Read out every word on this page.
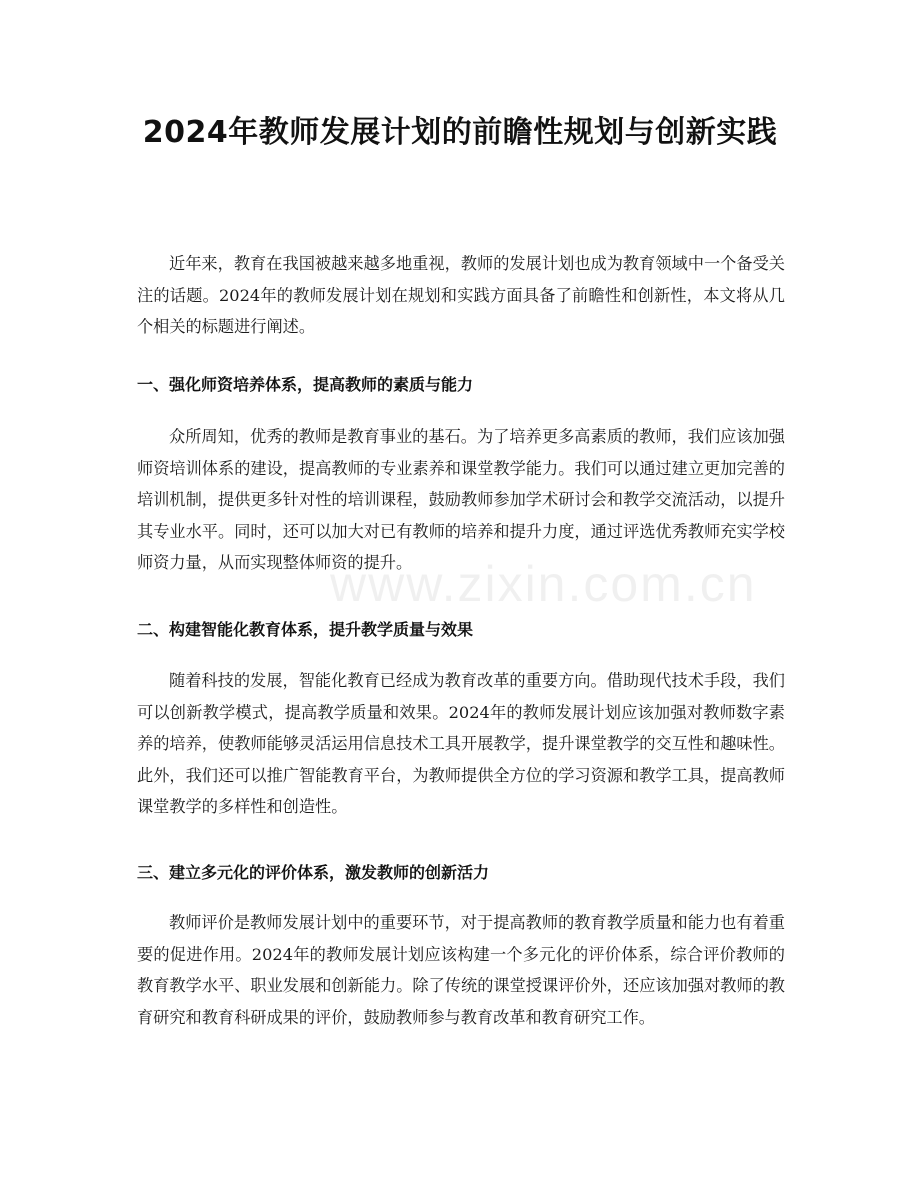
2024年教师发展计划的前瞻性规划与创新实践

近年来，教育在我国被越来越多地重视，教师的发展计划也成为教育领域中一个备受关注的话题。2024年的教师发展计划在规划和实践方面具备了前瞻性和创新性，本文将从几个相关的标题进行阐述。

一、强化师资培养体系，提高教师的素质与能力

众所周知，优秀的教师是教育事业的基石。为了培养更多高素质的教师，我们应该加强师资培训体系的建设，提高教师的专业素养和课堂教学能力。我们可以通过建立更加完善的培训机制，提供更多针对性的培训课程，鼓励教师参加学术研讨会和教学交流活动，以提升其专业水平。同时，还可以加大对已有教师的培养和提升力度，通过评选优秀教师充实学校师资力量，从而实现整体师资的提升。

二、构建智能化教育体系，提升教学质量与效果

随着科技的发展，智能化教育已经成为教育改革的重要方向。借助现代技术手段，我们可以创新教学模式，提高教学质量和效果。2024年的教师发展计划应该加强对教师数字素养的培养，使教师能够灵活运用信息技术工具开展教学，提升课堂教学的交互性和趣味性。此外，我们还可以推广智能教育平台，为教师提供全方位的学习资源和教学工具，提高教师课堂教学的多样性和创造性。

三、建立多元化的评价体系，激发教师的创新活力

教师评价是教师发展计划中的重要环节，对于提高教师的教育教学质量和能力也有着重要的促进作用。2024年的教师发展计划应该构建一个多元化的评价体系，综合评价教师的教育教学水平、职业发展和创新能力。除了传统的课堂授课评价外，还应该加强对教师的教育研究和教育科研成果的评价，鼓励教师参与教育改革和教育研究工作。

www.zixin.com.cn
